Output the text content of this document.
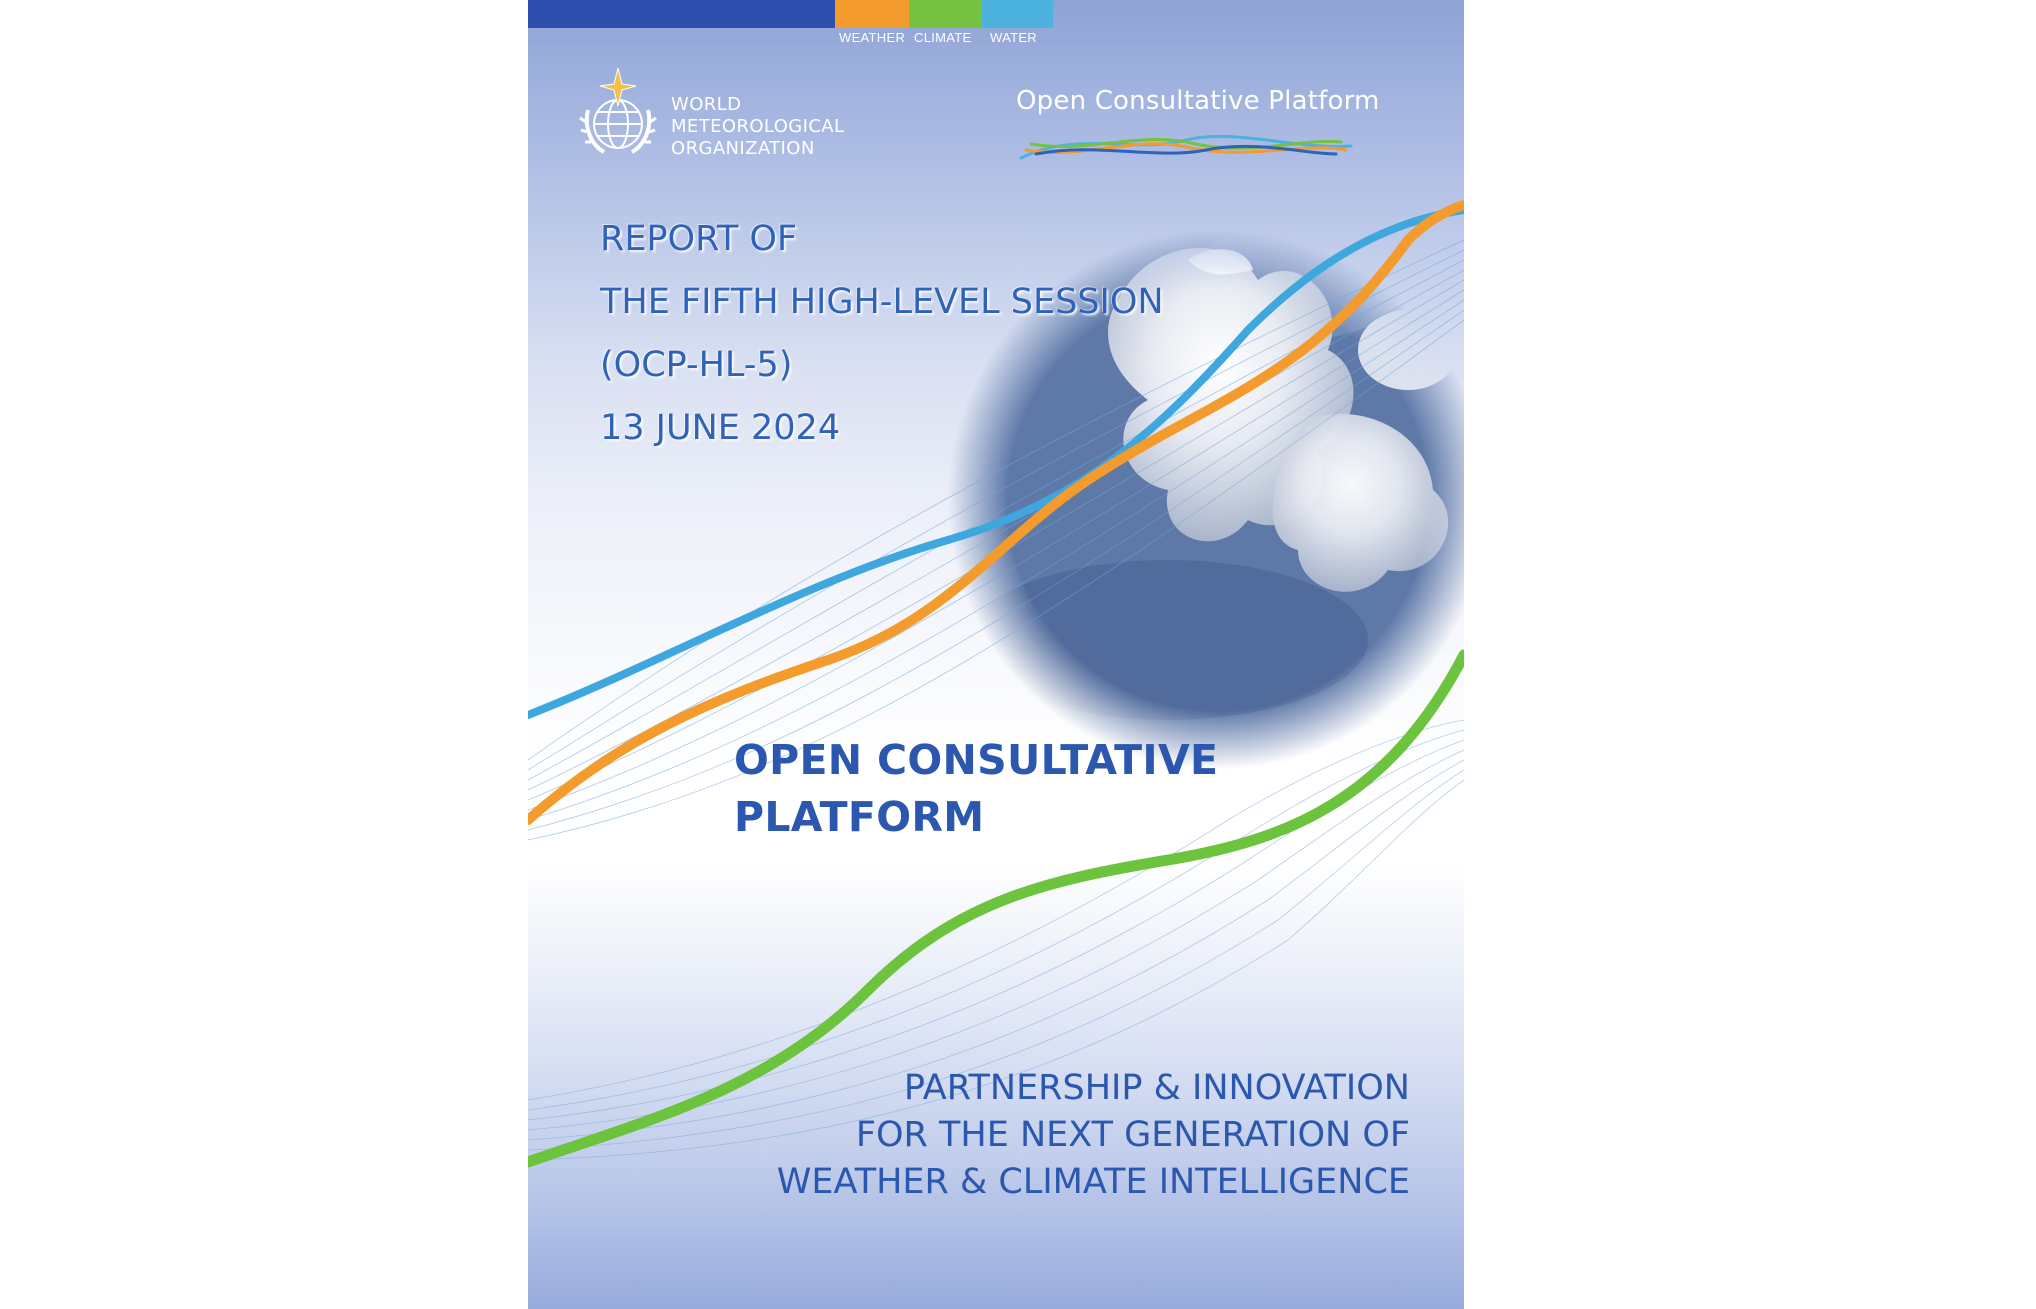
WEATHER CLIMATE WATER
WORLD
METEOROLOGICAL
ORGANIZATION
Open Consultative Platform
REPORT OF
THE FIFTH HIGH-LEVEL SESSION
(OCP-HL-5)
13 JUNE 2024
OPEN CONSULTATIVE
PLATFORM
PARTNERSHIP & INNOVATION
FOR THE NEXT GENERATION OF
WEATHER & CLIMATE INTELLIGENCE
